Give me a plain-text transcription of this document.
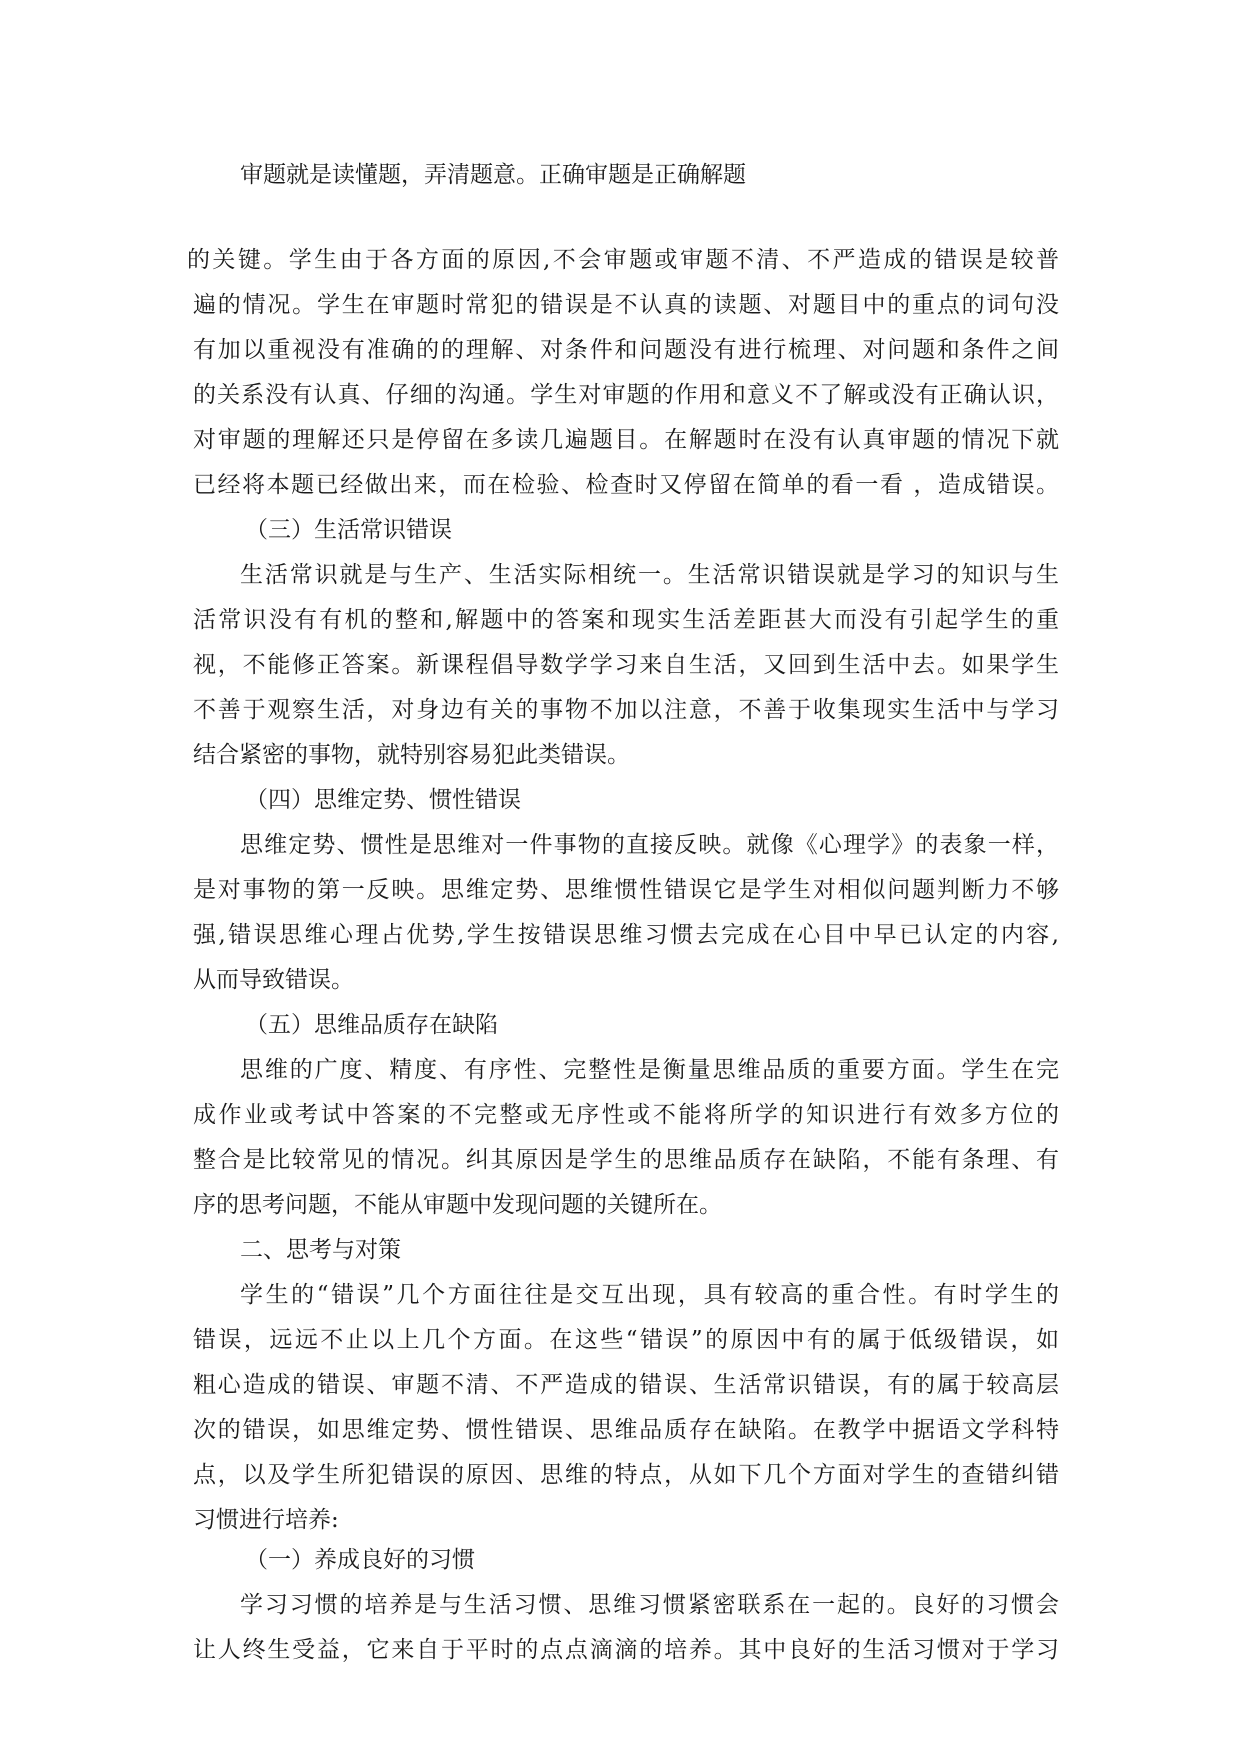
审题就是读懂题，弄清题意。正确审题是正确解题
的关键。学生由于各方面的原因,不会审题或审题不清、不严造成的错误是较普
遍的情况。学生在审题时常犯的错误是不认真的读题、对题目中的重点的词句没
有加以重视没有准确的的理解、对条件和问题没有进行梳理、对问题和条件之间
的关系没有认真、仔细的沟通。学生对审题的作用和意义不了解或没有正确认识，
对审题的理解还只是停留在多读几遍题目。在解题时在没有认真审题的情况下就
已经将本题已经做出来，而在检验、检查时又停留在简单的看一看 ，造成错误。
（三）生活常识错误
生活常识就是与生产、生活实际相统一。生活常识错误就是学习的知识与生
活常识没有有机的整和,解题中的答案和现实生活差距甚大而没有引起学生的重
视，不能修正答案。新课程倡导数学学习来自生活，又回到生活中去。如果学生
不善于观察生活，对身边有关的事物不加以注意，不善于收集现实生活中与学习
结合紧密的事物，就特别容易犯此类错误。
（四）思维定势、惯性错误
思维定势、惯性是思维对一件事物的直接反映。就像《心理学》的表象一样，
是对事物的第一反映。思维定势、思维惯性错误它是学生对相似问题判断力不够
强,错误思维心理占优势,学生按错误思维习惯去完成在心目中早已认定的内容,
从而导致错误。
（五）思维品质存在缺陷
思维的广度、精度、有序性、完整性是衡量思维品质的重要方面。学生在完
成作业或考试中答案的不完整或无序性或不能将所学的知识进行有效多方位的
整合是比较常见的情况。纠其原因是学生的思维品质存在缺陷，不能有条理、有
序的思考问题，不能从审题中发现问题的关键所在。
二、思考与对策
学生的“错误”几个方面往往是交互出现，具有较高的重合性。有时学生的
错误，远远不止以上几个方面。在这些“错误”的原因中有的属于低级错误，如
粗心造成的错误、审题不清、不严造成的错误、生活常识错误，有的属于较高层
次的错误，如思维定势、惯性错误、思维品质存在缺陷。在教学中据语文学科特
点，以及学生所犯错误的原因、思维的特点，从如下几个方面对学生的查错纠错
习惯进行培养:
（一）养成良好的习惯
学习习惯的培养是与生活习惯、思维习惯紧密联系在一起的。良好的习惯会
让人终生受益，它来自于平时的点点滴滴的培养。其中良好的生活习惯对于学习
